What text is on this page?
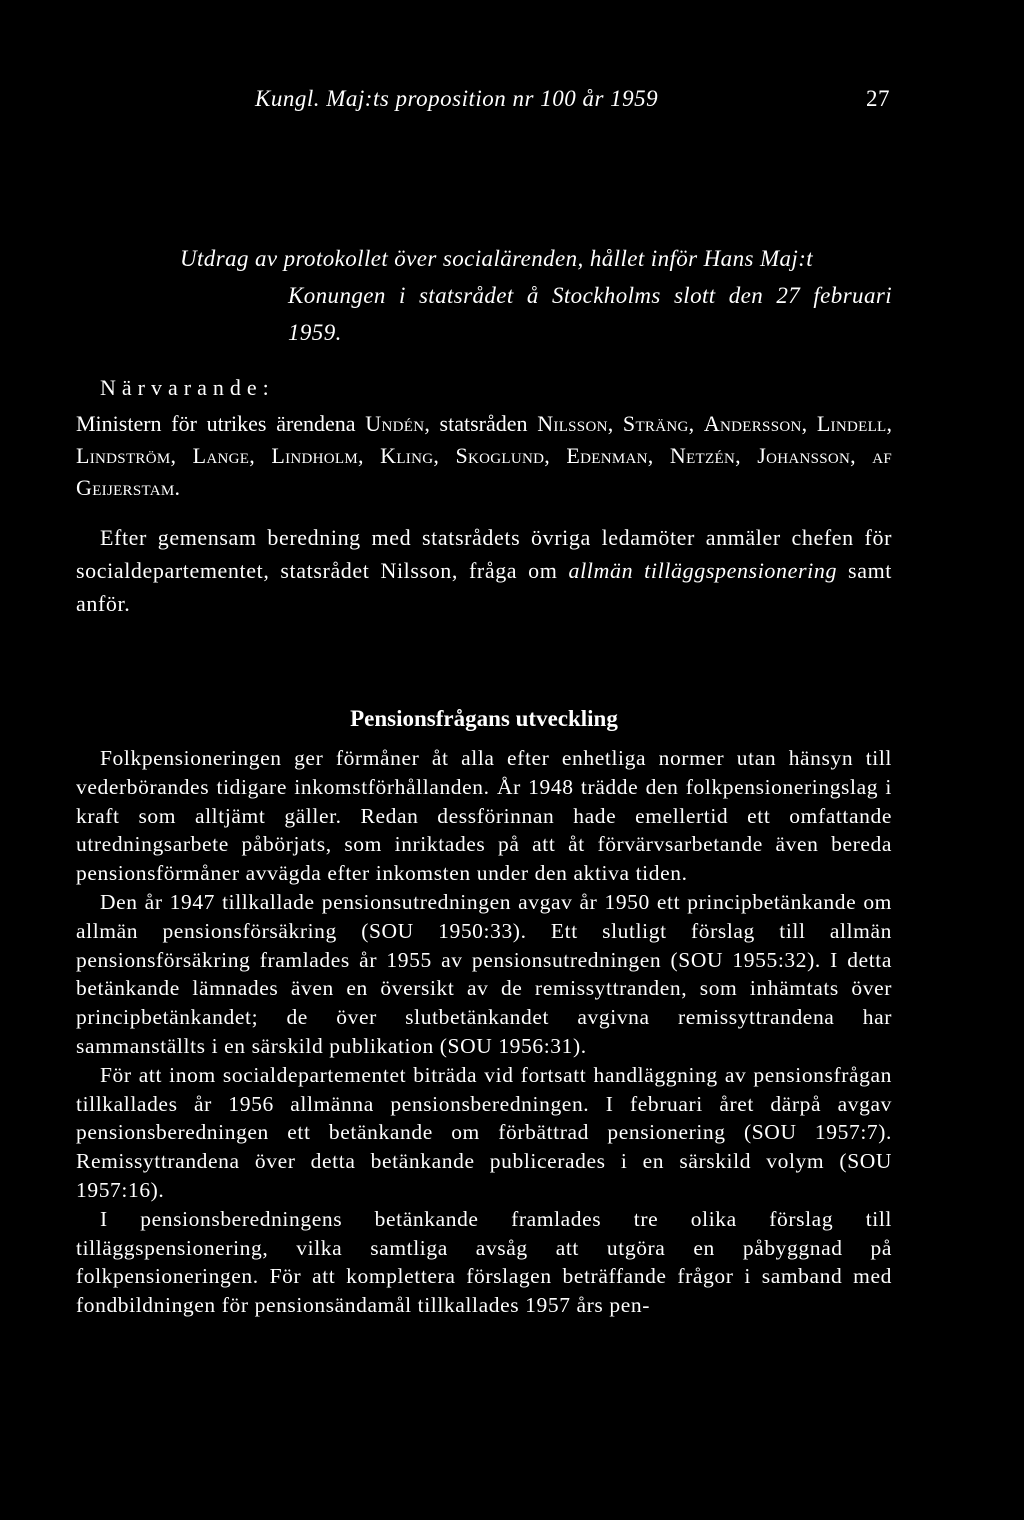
Kungl. Maj:ts proposition nr 100 år 1959	27
Utdrag av protokollet över socialärenden, hållet inför Hans Maj:t
Konungen i statsrådet å Stockholms slott den 27 februari 1959.
Närvarande:

Ministern för utrikes ärendena Undén, statsråden Nilsson, Sträng, Andersson, Lindell, Lindström, Lange, Lindholm, Kling, Skoglund, Edenman, Netzén, Johansson, af Geijerstam.

Efter gemensam beredning med statsrådets övriga ledamöter anmäler chefen för socialdepartementet, statsrådet Nilsson, fråga om allmän tilläggspensionering samt anför.

Pensionsfrågans utveckling

Folkpensioneringen ger förmåner åt alla efter enhetliga normer utan hänsyn till vederbörandes tidigare inkomstförhållanden. År 1948 trädde den folkpensioneringslag i kraft som alltjämt gäller. Redan dessförinnan hade emellertid ett omfattande utredningsarbete påbörjats, som inriktades på att åt förvärvsarbetande även bereda pensionsförmåner avvägda efter inkomsten under den aktiva tiden.

Den år 1947 tillkallade pensionsutredningen avgav år 1950 ett principbetänkande om allmän pensionsförsäkring (SOU 1950:33). Ett slutligt förslag till allmän pensionsförsäkring framlades år 1955 av pensionsutredningen (SOU 1955:32). I detta betänkande lämnades även en översikt av de remissyttranden, som inhämtats över principbetänkandet; de över slutbetänkandet avgivna remissyttrandena har sammanställts i en särskild publikation (SOU 1956:31).

För att inom socialdepartementet biträda vid fortsatt handläggning av pensionsfrågan tillkallades år 1956 allmänna pensionsberedningen. I februari året därpå avgav pensionsberedningen ett betänkande om förbättrad pensionering (SOU 1957:7). Remissyttrandena över detta betänkande publicerades i en särskild volym (SOU 1957:16).

I pensionsberedningens betänkande framlades tre olika förslag till tilläggspensionering, vilka samtliga avsåg att utgöra en påbyggnad på folkpensioneringen. För att komplettera förslagen beträffande frågor i samband med fondbildningen för pensionsändamål tillkallades 1957 års pen-
